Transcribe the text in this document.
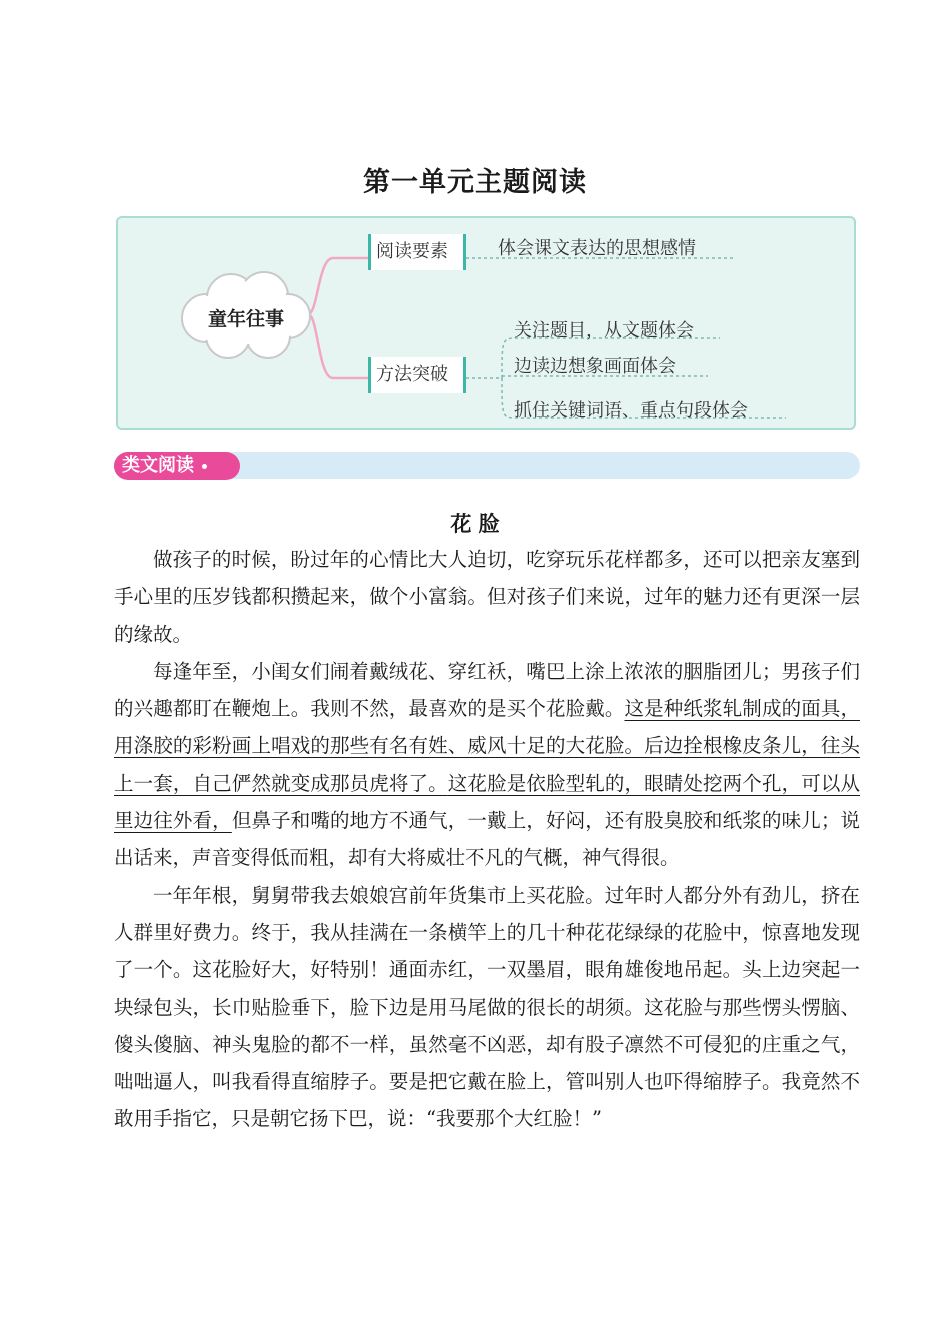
第一单元主题阅读
童年往事
阅读要素
方法突破
体会课文表达的思想感情
关注题目，从文题体会
边读边想象画面体会
抓住关键词语、重点句段体会
类文阅读
花 脸

做孩子的时候，盼过年的心情比大人迫切，吃穿玩乐花样都多，还可以把亲友塞到手心里的压岁钱都积攒起来，做个小富翁。但对孩子们来说，过年的魅力还有更深一层的缘故。

每逢年至，小闺女们闹着戴绒花、穿红袄，嘴巴上涂上浓浓的胭脂团儿；男孩子们的兴趣都盯在鞭炮上。我则不然，最喜欢的是买个花脸戴。这是种纸浆轧制成的面具，用涤胶的彩粉画上唱戏的那些有名有姓、威风十足的大花脸。后边拴根橡皮条儿，往头上一套，自己俨然就变成那员虎将了。这花脸是依脸型轧的，眼睛处挖两个孔，可以从里边往外看，但鼻子和嘴的地方不通气，一戴上，好闷，还有股臭胶和纸浆的味儿；说出话来，声音变得低而粗，却有大将威壮不凡的气概，神气得很。

一年年根，舅舅带我去娘娘宫前年货集市上买花脸。过年时人都分外有劲儿，挤在人群里好费力。终于，我从挂满在一条横竿上的几十种花花绿绿的花脸中，惊喜地发现了一个。这花脸好大，好特别！通面赤红，一双墨眉，眼角雄俊地吊起。头上边突起一块绿包头，长巾贴脸垂下，脸下边是用马尾做的很长的胡须。这花脸与那些愣头愣脑、傻头傻脑、神头鬼脸的都不一样，虽然毫不凶恶，却有股子凛然不可侵犯的庄重之气，咄咄逼人，叫我看得直缩脖子。要是把它戴在脸上，管叫别人也吓得缩脖子。我竟然不敢用手指它，只是朝它扬下巴，说：“我要那个大红脸！”
